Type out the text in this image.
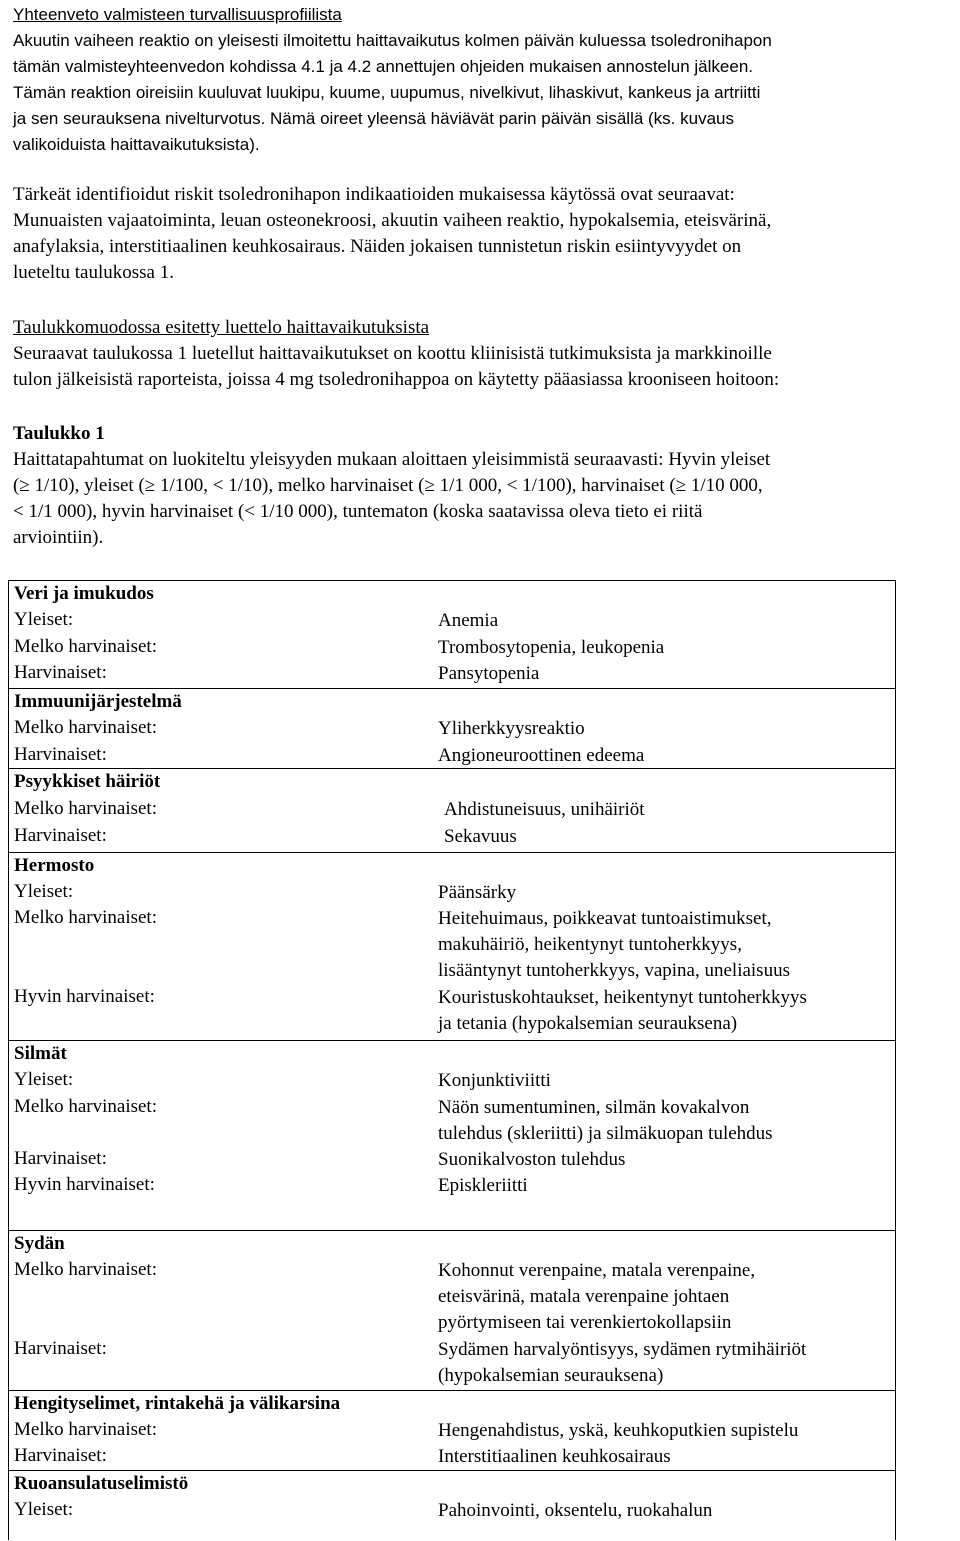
Yhteenveto valmisteen turvallisuusprofiilista

Akuutin vaiheen reaktio on yleisesti ilmoitettu haittavaikutus kolmen päivän kuluessa tsoledronihapon
tämän valmisteyhteenvedon kohdissa 4.1 ja 4.2 annettujen ohjeiden mukaisen annostelun jälkeen.
Tämän reaktion oireisiin kuuluvat luukipu, kuume, uupumus, nivelkivut, lihaskivut, kankeus ja artriitti
ja sen seurauksena nivelturvotus. Nämä oireet yleensä häviävät parin päivän sisällä (ks. kuvaus
valikoiduista haittavaikutuksista).

Tärkeät identifioidut riskit tsoledronihapon indikaatioiden mukaisessa käytössä ovat seuraavat:
Munuaisten vajaatoiminta, leuan osteonekroosi, akuutin vaiheen reaktio, hypokalsemia, eteisvärinä,
anafylaksia, interstitiaalinen keuhkosairaus. Näiden jokaisen tunnistetun riskin esiintyvyydet on
lueteltu taulukossa 1.

Taulukkomuodossa esitetty luettelo haittavaikutuksista

Seuraavat taulukossa 1 luetellut haittavaikutukset on koottu kliinisistä tutkimuksista ja markkinoille
tulon jälkeisistä raporteista, joissa 4 mg tsoledronihappoa on käytetty pääasiassa krooniseen hoitoon:

Taulukko 1

Haittatapahtumat on luokiteltu yleisyyden mukaan aloittaen yleisimmistä seuraavasti: Hyvin yleiset
(≥ 1/10), yleiset (≥ 1/100, < 1/10), melko harvinaiset (≥ 1/1 000, < 1/100), harvinaiset (≥ 1/10 000,
< 1/1 000), hyvin harvinaiset (< 1/10 000), tuntematon (koska saatavissa oleva tieto ei riitä
arviointiin).
Veri ja imukudos
Yleiset:	Anemia
Melko harvinaiset:	Trombosytopenia, leukopenia
Harvinaiset:	Pansytopenia
Immuunijärjestelmä
Melko harvinaiset:	Yliherkkyysreaktio
Harvinaiset:	Angioneuroottinen edeema
Psyykkiset häiriöt
Melko harvinaiset:	Ahdistuneisuus, unihäiriöt
Harvinaiset:	Sekavuus
Hermosto
Yleiset:	Päänsärky
Melko harvinaiset:	Heitehuimaus, poikkeavat tuntoaistimukset,
makuhäiriö, heikentynyt tuntoherkkyys,
lisääntynyt tuntoherkkyys, vapina, uneliaisuus
Hyvin harvinaiset:	Kouristuskohtaukset, heikentynyt tuntoherkkyys
ja tetania (hypokalsemian seurauksena)
Silmät
Yleiset:	Konjunktiviitti
Melko harvinaiset:	Näön sumentuminen, silmän kovakalvon
tulehdus (skleriitti) ja silmäkuopan tulehdus
Harvinaiset:	Suonikalvoston tulehdus
Hyvin harvinaiset:	Episkleriitti
Sydän
Melko harvinaiset:	Kohonnut verenpaine, matala verenpaine,
eteisvärinä, matala verenpaine johtaen
pyörtymiseen tai verenkiertokollapsiin
Harvinaiset:	Sydämen harvalyöntisyys, sydämen rytmihäiriöt
(hypokalsemian seurauksena)
Hengityselimet, rintakehä ja välikarsina
Melko harvinaiset:	Hengenahdistus, yskä, keuhkoputkien supistelu
Harvinaiset:	Interstitiaalinen keuhkosairaus
Ruoansulatuselimistö
Yleiset:	Pahoinvointi, oksentelu, ruokahalun
